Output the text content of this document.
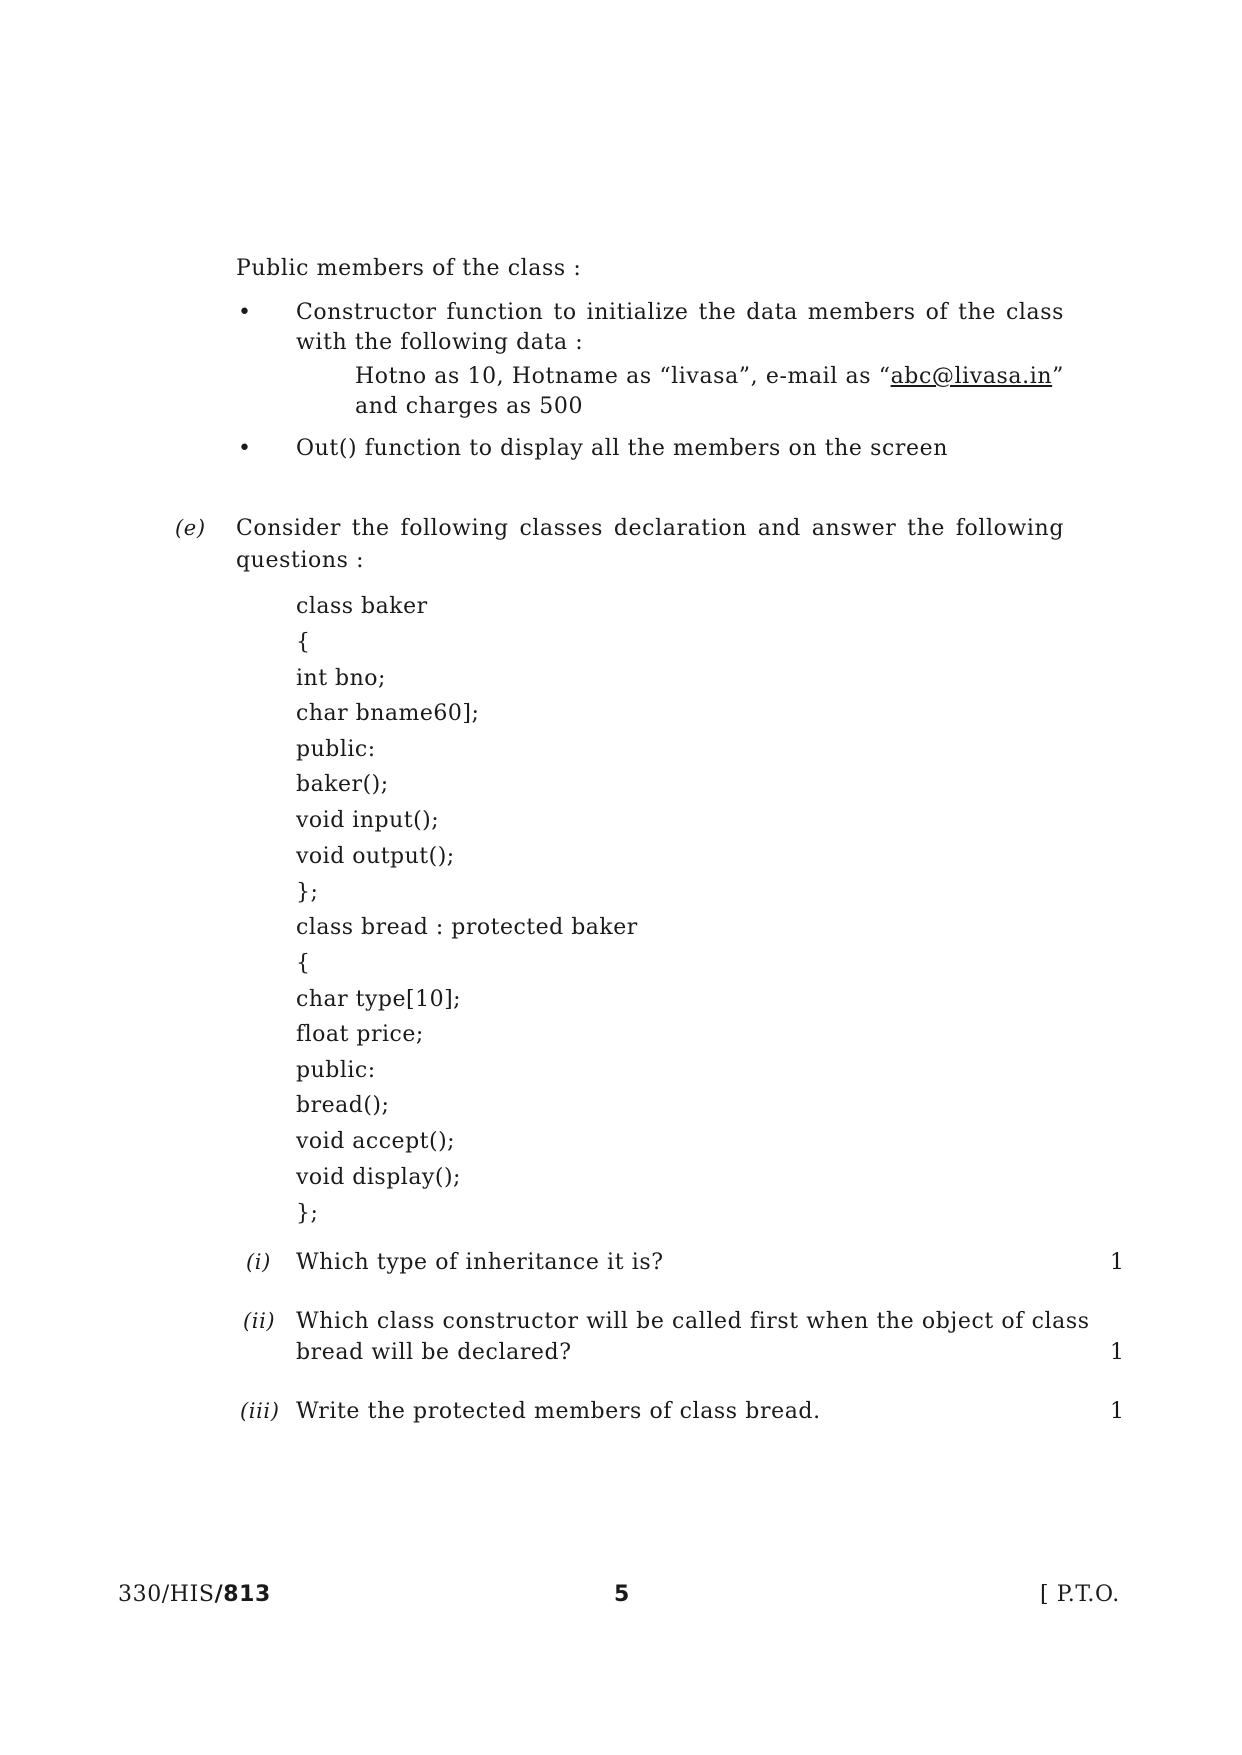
Public members of the class :
• Constructor function to initialize the data members of the class
with the following data :
Hotno as 10, Hotname as “livasa”, e-mail as “abc@livasa.in”
and charges as 500
• Out() function to display all the members on the screen
(e) Consider the following classes declaration and answer the following
questions :
class baker
{
int bno;
char bname60];
public:
baker();
void input();
void output();
};
class bread : protected baker
{
char type[10];
float price;
public:
bread();
void accept();
void display();
};
(i) Which type of inheritance it is?	1
(ii) Which class constructor will be called first when the object of class
bread will be declared?	1
(iii) Write the protected members of class bread.	1
330/HIS/813	5	[ P.T.O.
